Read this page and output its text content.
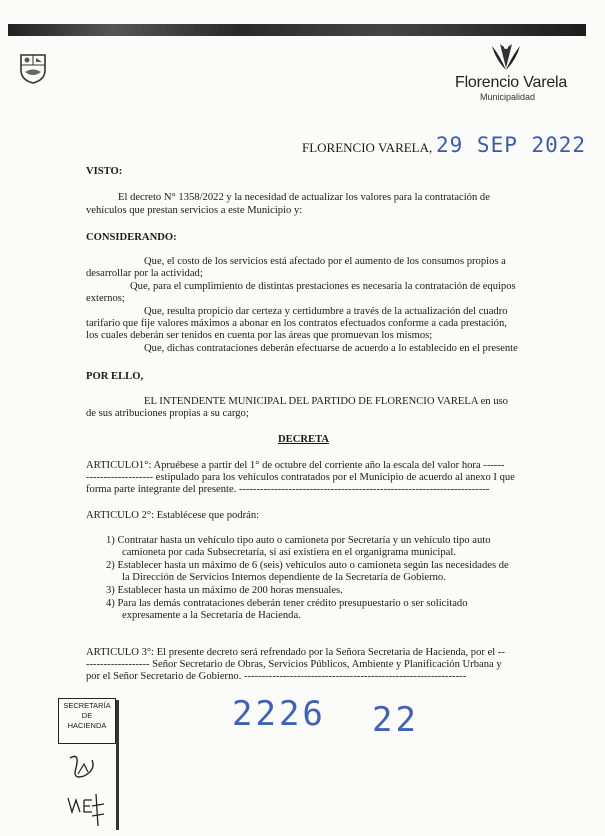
Florencio Varela
Municipalidad
FLORENCIO VARELA, 29 SEP 2022
VISTO:
El decreto N° 1358/2022 y la necesidad de actualizar los valores para la contratación de
vehículos que prestan servicios a este Municipio y:
CONSIDERANDO:
Que, el costo de los servicios está afectado por el aumento de los consumos propios a
desarrollar por la actividad;
Que, para el cumplimiento de distintas prestaciones es necesaria la contratación de equipos
externos;
Que, resulta propicio dar certeza y certidumbre a través de la actualización del cuadro
tarifario que fije valores máximos a abonar en los contratos efectuados conforme a cada prestación,
los cuales deberán ser tenidos en cuenta por las áreas que promuevan los mismos;
Que, dichas contrataciones deberán efectuarse de acuerdo a lo establecido en el presente
POR ELLO,
EL INTENDENTE MUNICIPAL DEL PARTIDO DE FLORENCIO VARELA en uso
de sus atribuciones propias a su cargo;
DECRETA
ARTICULO1°: Apruébese a partir del 1° de octubre del corriente año la escala del valor hora ------
------------------- estipulado para los vehículos contratados por el Municipio de acuerdo al anexo I que
forma parte integrante del presente. -----------------------------------------------------------------------
ARTICULO 2°: Establécese que podrán:
1) Contratar hasta un vehículo tipo auto o camioneta por Secretaría y un vehículo tipo auto
camioneta por cada Subsecretaría, si así existiera en el organigrama municipal.
2) Establecer hasta un máximo de 6 (seis) vehículos auto o camioneta según las necesidades de
la Dirección de Servicios Internos dependiente de la Secretaría de Gobierno.
3) Establecer hasta un máximo de 200 horas mensuales.
4) Para las demás contrataciones deberán tener crédito presupuestario o ser solicitado
expresamente a la Secretaría de Hacienda.
ARTICULO 3°: El presente decreto será refrendado por la Señora Secretaria de Hacienda, por el --
------------------ Señor Secretario de Obras, Servicios Públicos, Ambiente y Planificación Urbana y
por el Señor Secretario de Gobierno. ---------------------------------------------------------------
2226 22
SECRETARÍA
DE
HACIENDA
